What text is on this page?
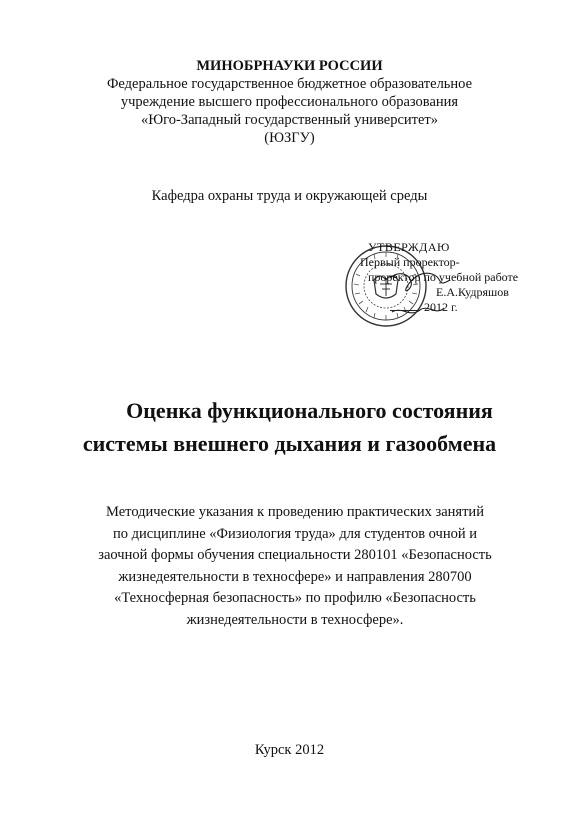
МИНОБРНАУКИ РОССИИ
Федеральное государственное бюджетное образовательное
учреждение высшего профессионального образования
«Юго-Западный государственный университет»
(ЮЗГУ)
Кафедра охраны труда и окружающей среды
УТВЕРЖДАЮ
Первый проректор-
проректор по учебной работе
Е.А.Кудряшов
2012 г.
Оценка функционального состояния
системы внешнего дыхания и газообмена
Методические указания к проведению практических занятий
по дисциплине «Физиология труда» для студентов очной и
заочной формы обучения специальности 280101 «Безопасность
жизнедеятельности в техносфере» и направления 280700
«Техносферная безопасность» по профилю «Безопасность
жизнедеятельности в техносфере».
Курск 2012
